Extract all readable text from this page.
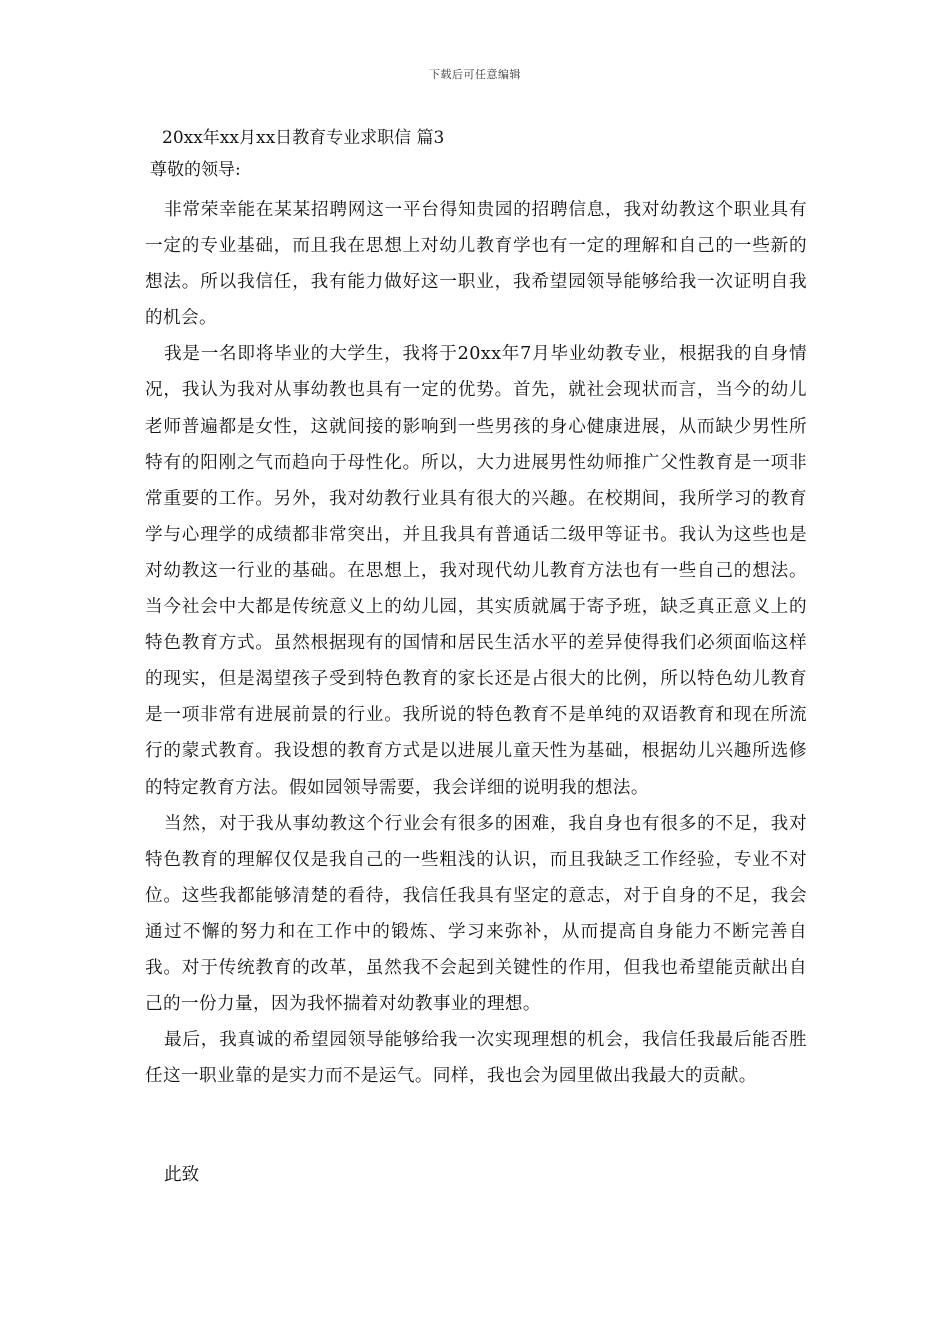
下载后可任意编辑
20xx年xx月xx日教育专业求职信 篇3
尊敬的领导:

非常荣幸能在某某招聘网这一平台得知贵园的招聘信息，我对幼教这个职业具有一定的专业基础，而且我在思想上对幼儿教育学也有一定的理解和自己的一些新的想法。所以我信任，我有能力做好这一职业，我希望园领导能够给我一次证明自我的机会。

我是一名即将毕业的大学生，我将于20xx年7月毕业幼教专业，根据我的自身情况，我认为我对从事幼教也具有一定的优势。首先，就社会现状而言，当今的幼儿老师普遍都是女性，这就间接的影响到一些男孩的身心健康进展，从而缺少男性所特有的阳刚之气而趋向于母性化。所以，大力进展男性幼师推广父性教育是一项非常重要的工作。另外，我对幼教行业具有很大的兴趣。在校期间，我所学习的教育学与心理学的成绩都非常突出，并且我具有普通话二级甲等证书。我认为这些也是对幼教这一行业的基础。在思想上，我对现代幼儿教育方法也有一些自己的想法。当今社会中大都是传统意义上的幼儿园，其实质就属于寄予班，缺乏真正意义上的特色教育方式。虽然根据现有的国情和居民生活水平的差异使得我们必须面临这样的现实，但是渴望孩子受到特色教育的家长还是占很大的比例，所以特色幼儿教育是一项非常有进展前景的行业。我所说的特色教育不是单纯的双语教育和现在所流行的蒙式教育。我设想的教育方式是以进展儿童天性为基础，根据幼儿兴趣所选修的特定教育方法。假如园领导需要，我会详细的说明我的想法。

当然，对于我从事幼教这个行业会有很多的困难，我自身也有很多的不足，我对特色教育的理解仅仅是我自己的一些粗浅的认识，而且我缺乏工作经验，专业不对位。这些我都能够清楚的看待，我信任我具有坚定的意志，对于自身的不足，我会通过不懈的努力和在工作中的锻炼、学习来弥补，从而提高自身能力不断完善自我。对于传统教育的改革，虽然我不会起到关键性的作用，但我也希望能贡献出自己的一份力量，因为我怀揣着对幼教事业的理想。

最后，我真诚的希望园领导能够给我一次实现理想的机会，我信任我最后能否胜任这一职业靠的是实力而不是运气。同样，我也会为园里做出我最大的贡献。

此致
